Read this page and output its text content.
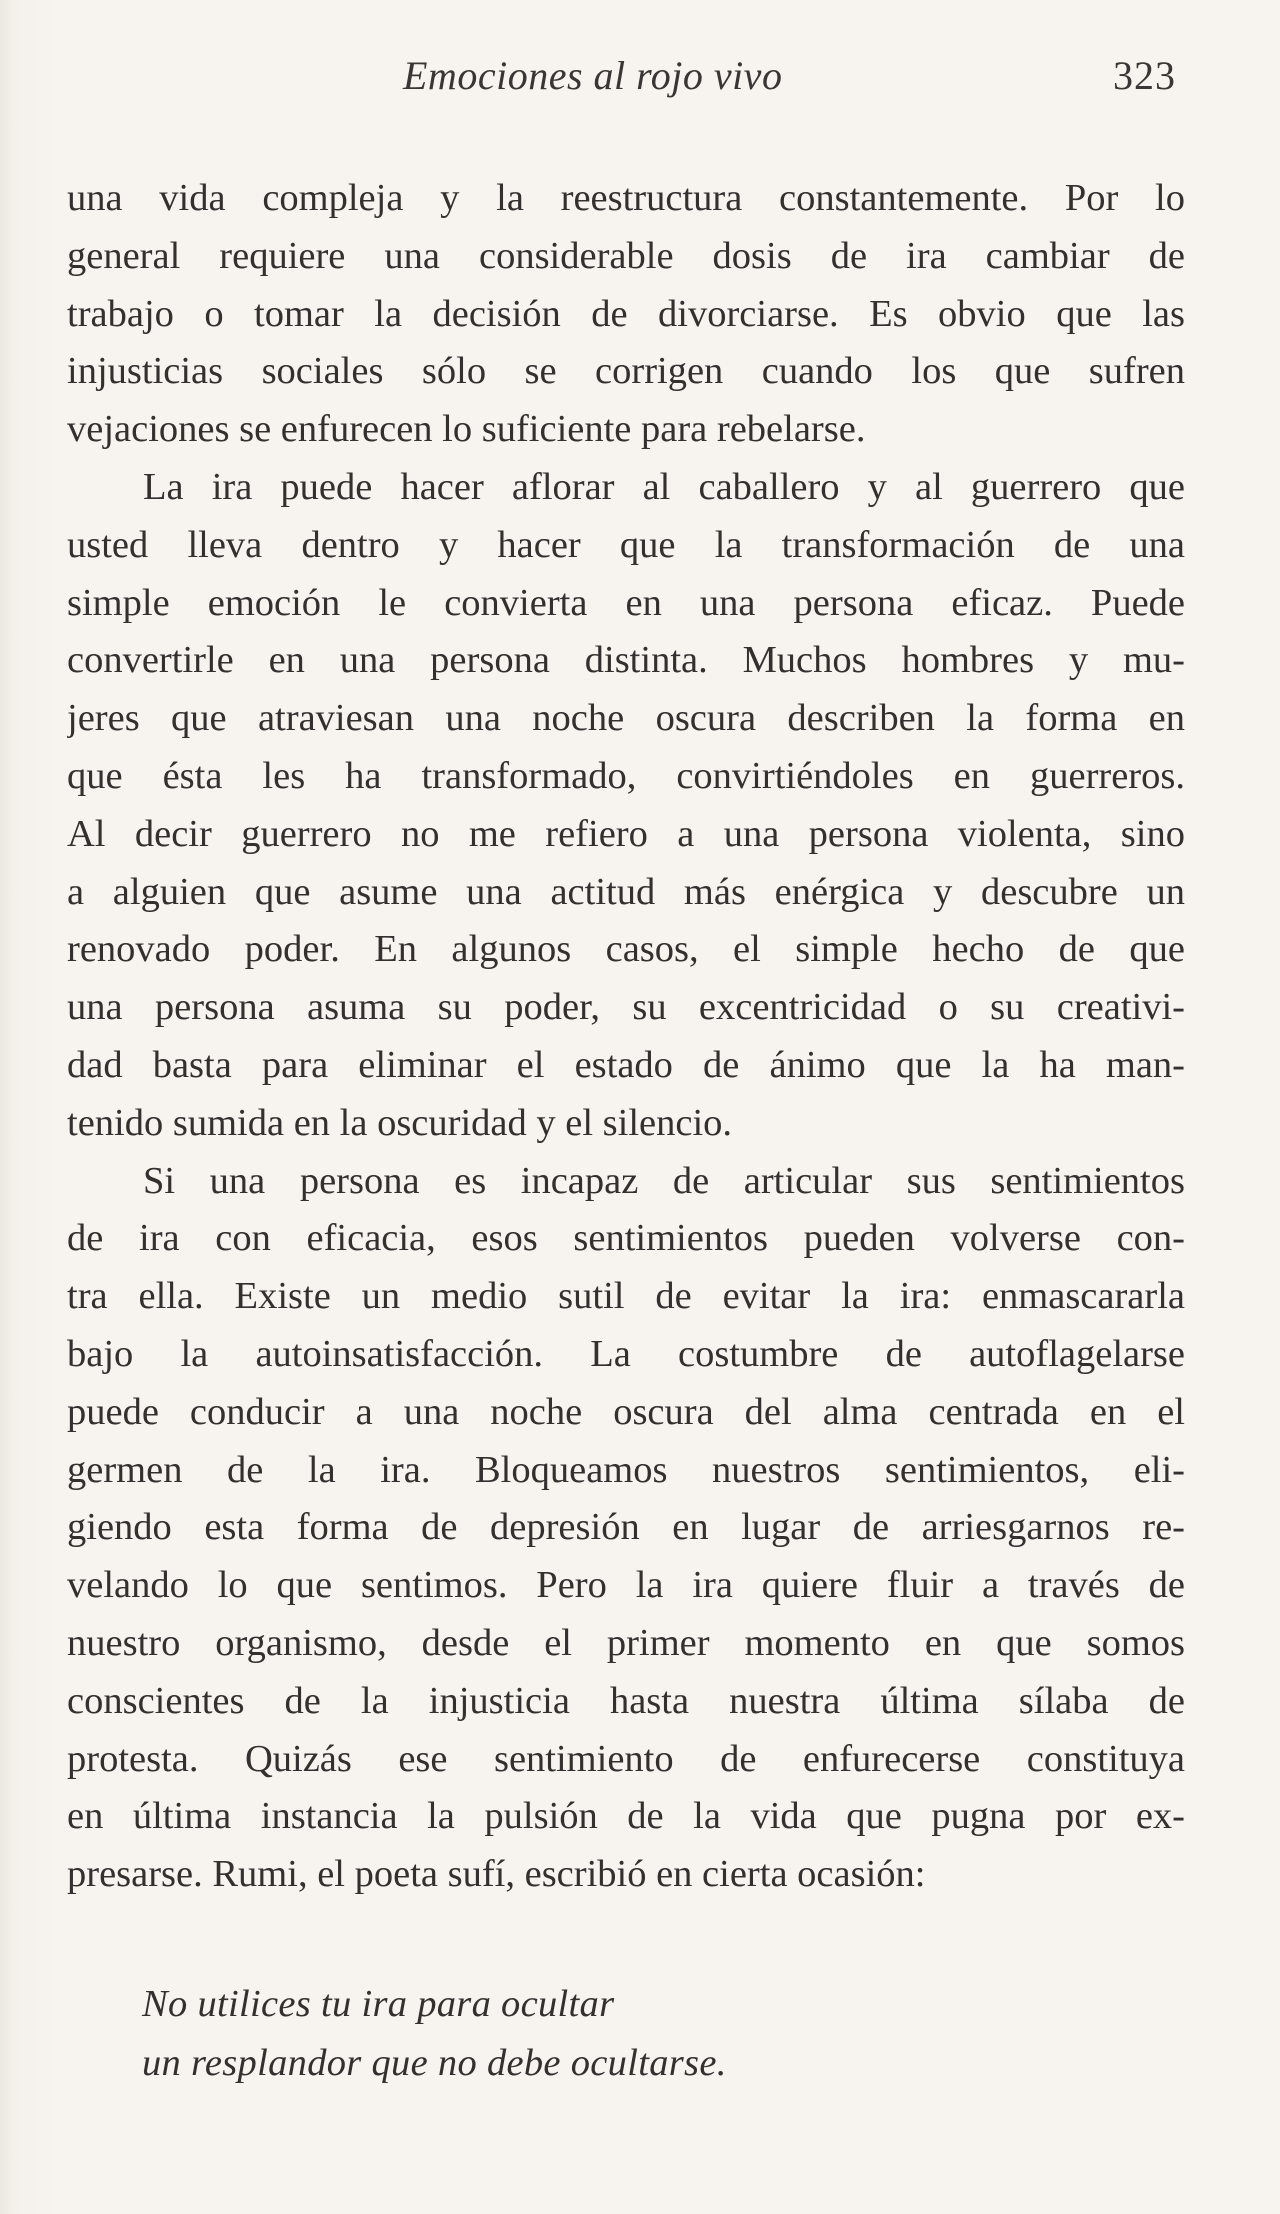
Emociones al rojo vivo	323
una vida compleja y la reestructura constantemente. Por lo
general requiere una considerable dosis de ira cambiar de
trabajo o tomar la decisión de divorciarse. Es obvio que las
injusticias sociales sólo se corrigen cuando los que sufren
vejaciones se enfurecen lo suficiente para rebelarse.
La ira puede hacer aflorar al caballero y al guerrero que
usted lleva dentro y hacer que la transformación de una
simple emoción le convierta en una persona eficaz. Puede
convertirle en una persona distinta. Muchos hombres y mu-
jeres que atraviesan una noche oscura describen la forma en
que ésta les ha transformado, convirtiéndoles en guerreros.
Al decir guerrero no me refiero a una persona violenta, sino
a alguien que asume una actitud más enérgica y descubre un
renovado poder. En algunos casos, el simple hecho de que
una persona asuma su poder, su excentricidad o su creativi-
dad basta para eliminar el estado de ánimo que la ha man-
tenido sumida en la oscuridad y el silencio.
Si una persona es incapaz de articular sus sentimientos
de ira con eficacia, esos sentimientos pueden volverse con-
tra ella. Existe un medio sutil de evitar la ira: enmascararla
bajo la autoinsatisfacción. La costumbre de autoflagelarse
puede conducir a una noche oscura del alma centrada en el
germen de la ira. Bloqueamos nuestros sentimientos, eli-
giendo esta forma de depresión en lugar de arriesgarnos re-
velando lo que sentimos. Pero la ira quiere fluir a través de
nuestro organismo, desde el primer momento en que somos
conscientes de la injusticia hasta nuestra última sílaba de
protesta. Quizás ese sentimiento de enfurecerse constituya
en última instancia la pulsión de la vida que pugna por ex-
presarse. Rumi, el poeta sufí, escribió en cierta ocasión:
No utilices tu ira para ocultar
un resplandor que no debe ocultarse.
